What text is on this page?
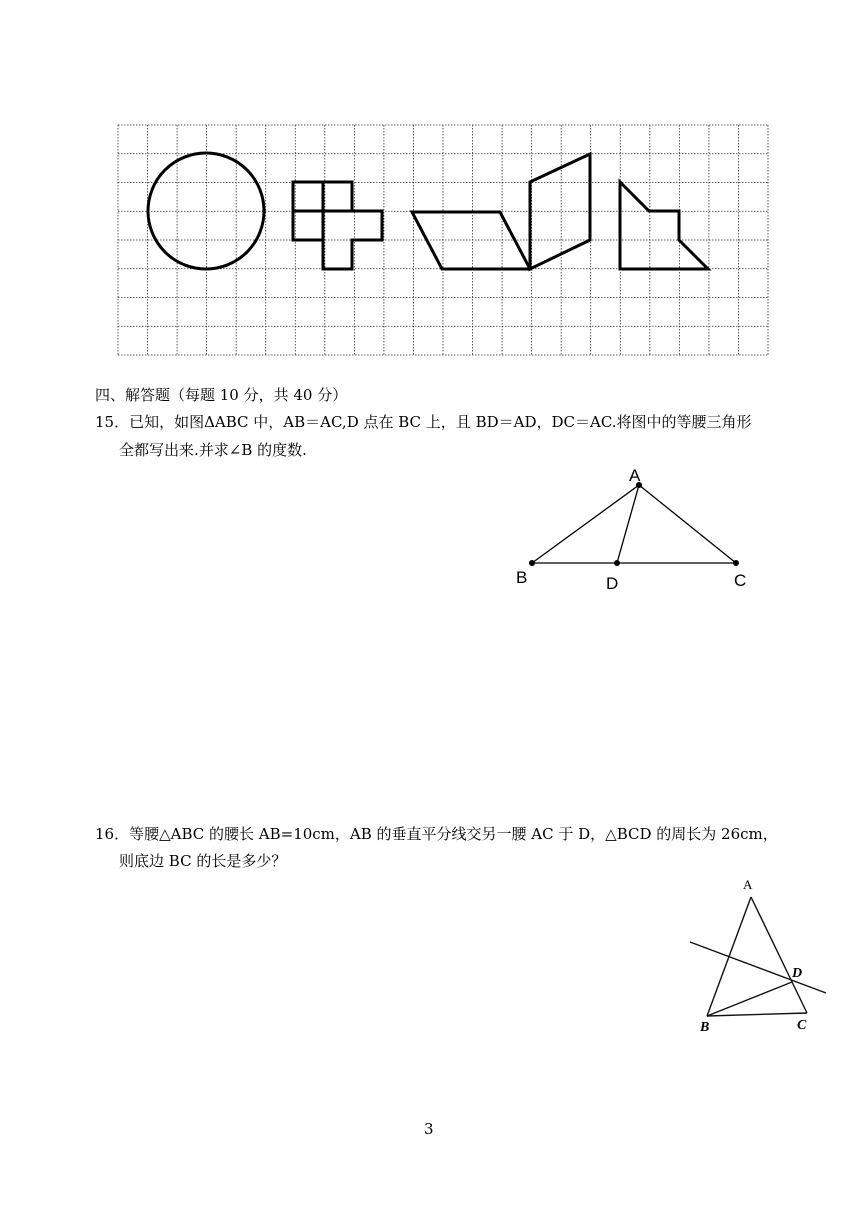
四、解答题（每题 10 分，共 40 分）
15．已知，如图ΔABC 中，AB＝AC,D 点在 BC 上，且 BD＝AD，DC＝AC.将图中的等腰三角形
全都写出来.并求∠B 的度数.
A
B	D	C
16．等腰△ABC 的腰长 AB=10cm，AB 的垂直平分线交另一腰 AC 于 D，△BCD 的周长为 26cm，
则底边 BC 的长是多少？
A
B	C
D
3
